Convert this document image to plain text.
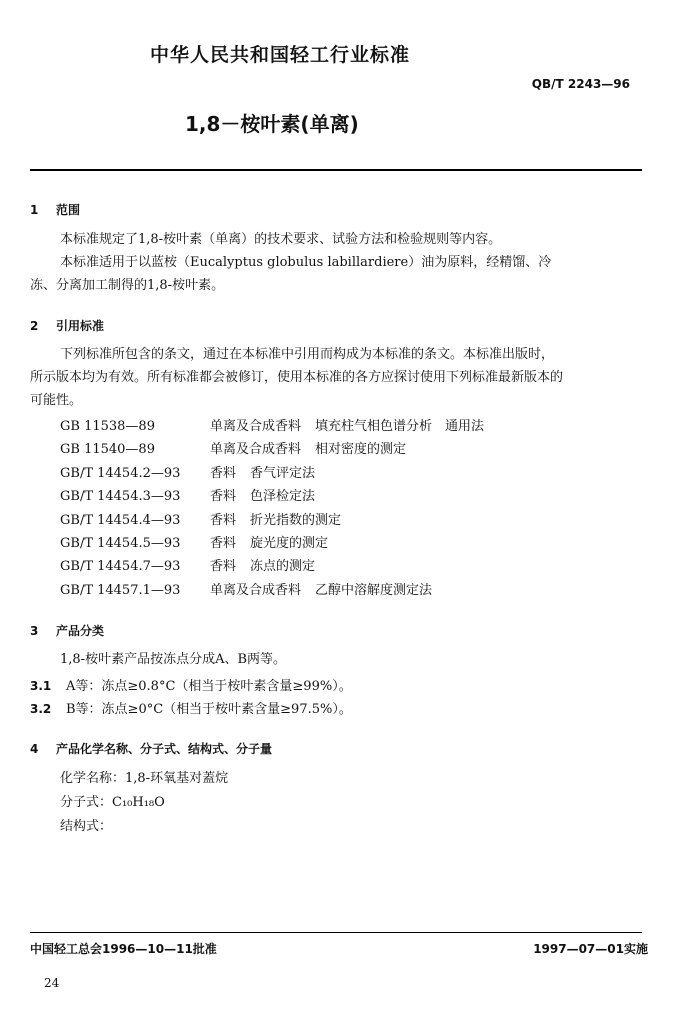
中华人民共和国轻工行业标准
QB/T 2243—96
1,8－桉叶素(单离)
1 范围
本标准规定了1,8-桉叶素（单离）的技术要求、试验方法和检验规则等内容。
本标准适用于以蓝桉（Eucalyptus globulus labillardiere）油为原料，经精馏、冷
冻、分离加工制得的1,8-桉叶素。
2 引用标准
下列标准所包含的条文，通过在本标准中引用而构成为本标准的条文。本标准出版时，
所示版本均为有效。所有标准都会被修订，使用本标准的各方应探讨使用下列标准最新版本的
可能性。
GB 11538—89	单离及合成香料 填充柱气相色谱分析　通用法
GB 11540—89	单离及合成香料 相对密度的测定
GB/T 14454.2—93 香料 香气评定法
GB/T 14454.3—93 香料 色泽检定法
GB/T 14454.4—93 香料 折光指数的测定
GB/T 14454.5—93 香料 旋光度的测定
GB/T 14454.7—93 香料 冻点的测定
GB/T 14457.1—93 单离及合成香料 乙醇中溶解度测定法
3 产品分类
1,8-桉叶素产品按冻点分成A、B两等。
3.1 A等：冻点≥0.8°C（相当于桉叶素含量≥99%）。
3.2 B等：冻点≥0°C（相当于桉叶素含量≥97.5%）。
4 产品化学名称、分子式、结构式、分子量
化学名称：1,8-环氧基对蓋烷
分子式：C₁₀H₁₈O
结构式：
中国轻工总会1996—10—11批准	1997—07—01实施
24
